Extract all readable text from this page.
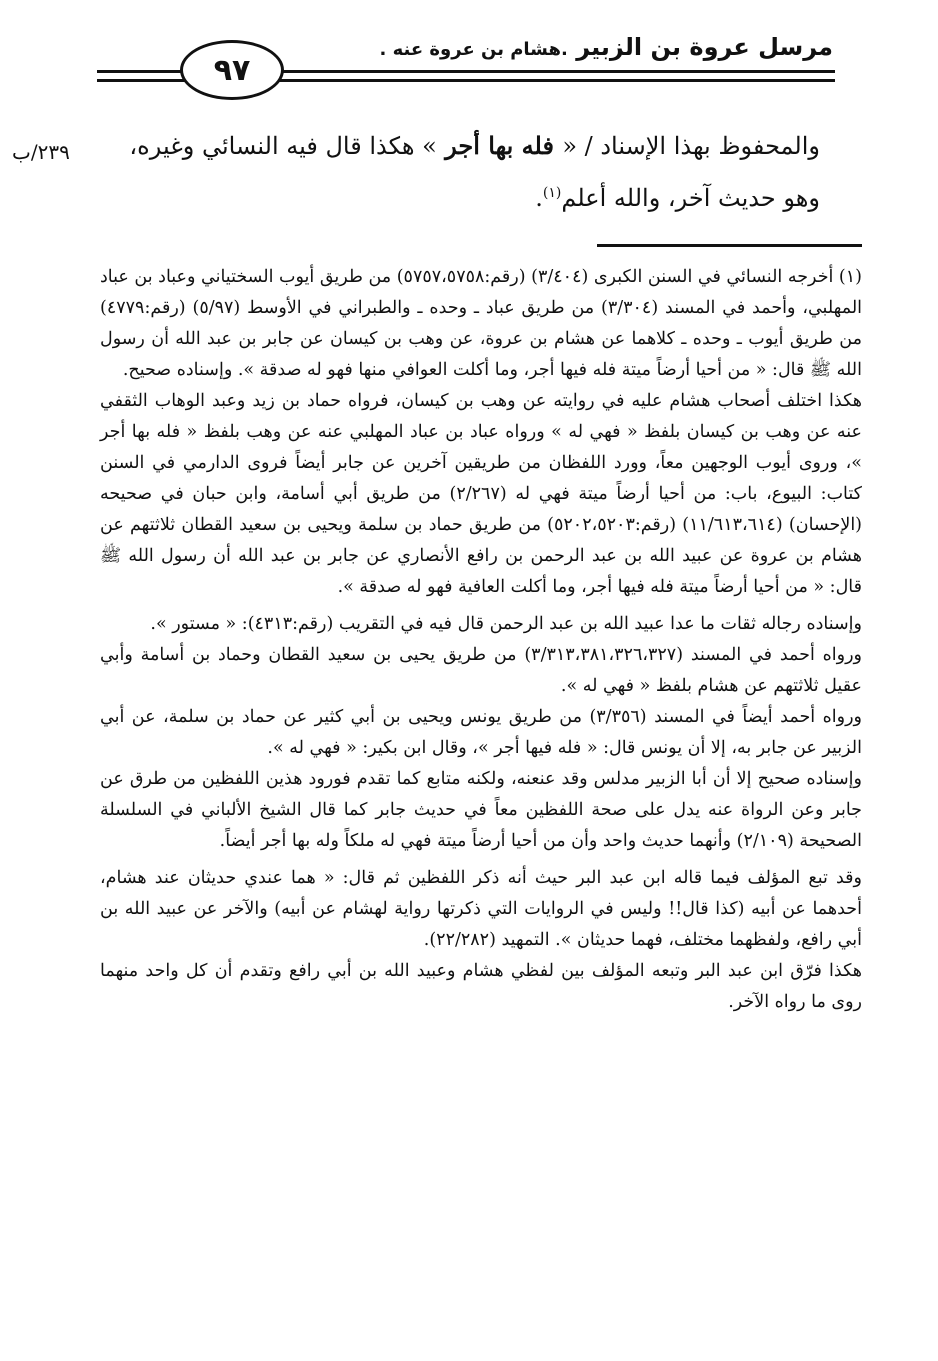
مرسل عروة بن الزبير .هشام بن عروة عنه .
٩٧
٢٣٩/ب	والمحفوظ بهذا الإسناد / « فله بها أجر » هكذا قال فيه النسائي وغيره،
وهو حديث آخر، والله أعلم$^{(١)}$.

(١) أخرجه النسائي في السنن الكبرى (٣/٤٠٤) (رقم:٥٧٥٧،٥٧٥٨) من طريق أيوب السختياني وعباد بن عباد المهلبي، وأحمد في المسند (٣/٣٠٤) من طريق عباد ـ وحده ـ والطبراني في الأوسط (٥/٩٧) (رقم:٤٧٧٩) من طريق أيوب ـ وحده ـ كلاهما عن هشام بن عروة، عن وهب بن كيسان عن جابر بن عبد الله أن رسول الله ﷺ قال: « من أحيا أرضاً ميتة فله فيها أجر، وما أكلت العوافي منها فهو له صدقة ». وإسناده صحيح.

هكذا اختلف أصحاب هشام عليه في روايته عن وهب بن كيسان، فرواه حماد بن زيد وعبد الوهاب الثقفي عنه عن وهب بن كيسان بلفظ « فهي له » ورواه عباد بن عباد المهلبي عنه عن وهب بلفظ « فله بها أجر »، وروى أيوب الوجهين معاً، وورد اللفظان من طريقين آخرين عن جابر أيضاً فروى الدارمي في السنن كتاب: البيوع، باب: من أحيا أرضاً ميتة فهي له (٢/٢٦٧) من طريق أبي أسامة، وابن حبان في صحيحه (الإحسان) (١١/٦١٣،٦١٤) (رقم:٥٢٠٢،٥٢٠٣) من طريق حماد بن سلمة ويحيى بن سعيد القطان ثلاثتهم عن هشام بن عروة عن عبيد الله بن عبد الرحمن بن رافع الأنصاري عن جابر بن عبد الله أن رسول الله ﷺ قال: « من أحيا أرضاً ميتة فله فيها أجر، وما أكلت العافية فهو له صدقة ».

وإسناده رجاله ثقات ما عدا عبيد الله بن عبد الرحمن قال فيه في التقريب (رقم:٤٣١٣): « مستور ».

ورواه أحمد في المسند (٣/٣١٣،٣٨١،٣٢٦،٣٢٧) من طريق يحيى بن سعيد القطان وحماد بن أسامة وأبي عقيل ثلاثتهم عن هشام بلفظ « فهي له ».

ورواه أحمد أيضاً في المسند (٣/٣٥٦) من طريق يونس ويحيى بن أبي كثير عن حماد بن سلمة، عن أبي الزبير عن جابر به، إلا أن يونس قال: « فله فيها أجر »، وقال ابن بكير: « فهي له ».

وإسناده صحيح إلا أن أبا الزبير مدلس وقد عنعنه، ولكنه متابع كما تقدم فورود هذين اللفظين من طرق عن جابر وعن الرواة عنه يدل على صحة اللفظين معاً في حديث جابر كما قال الشيخ الألباني في السلسلة الصحيحة (٢/١٠٩) وأنهما حديث واحد وأن من أحيا أرضاً ميتة فهي له ملكاً وله بها أجر أيضاً.

وقد تبع المؤلف فيما قاله ابن عبد البر حيث أنه ذكر اللفظين ثم قال: « هما عندي حديثان عند هشام، أحدهما عن أبيه (كذا قال!! وليس في الروايات التي ذكرتها رواية لهشام عن أبيه) والآخر عن عبيد الله بن أبي رافع، ولفظهما مختلف، فهما حديثان ». التمهيد (٢٢/٢٨٢).

هكذا فرّق ابن عبد البر وتبعه المؤلف بين لفظي هشام وعبيد الله بن أبي رافع وتقدم أن كل واحد منهما روى ما رواه الآخر.
